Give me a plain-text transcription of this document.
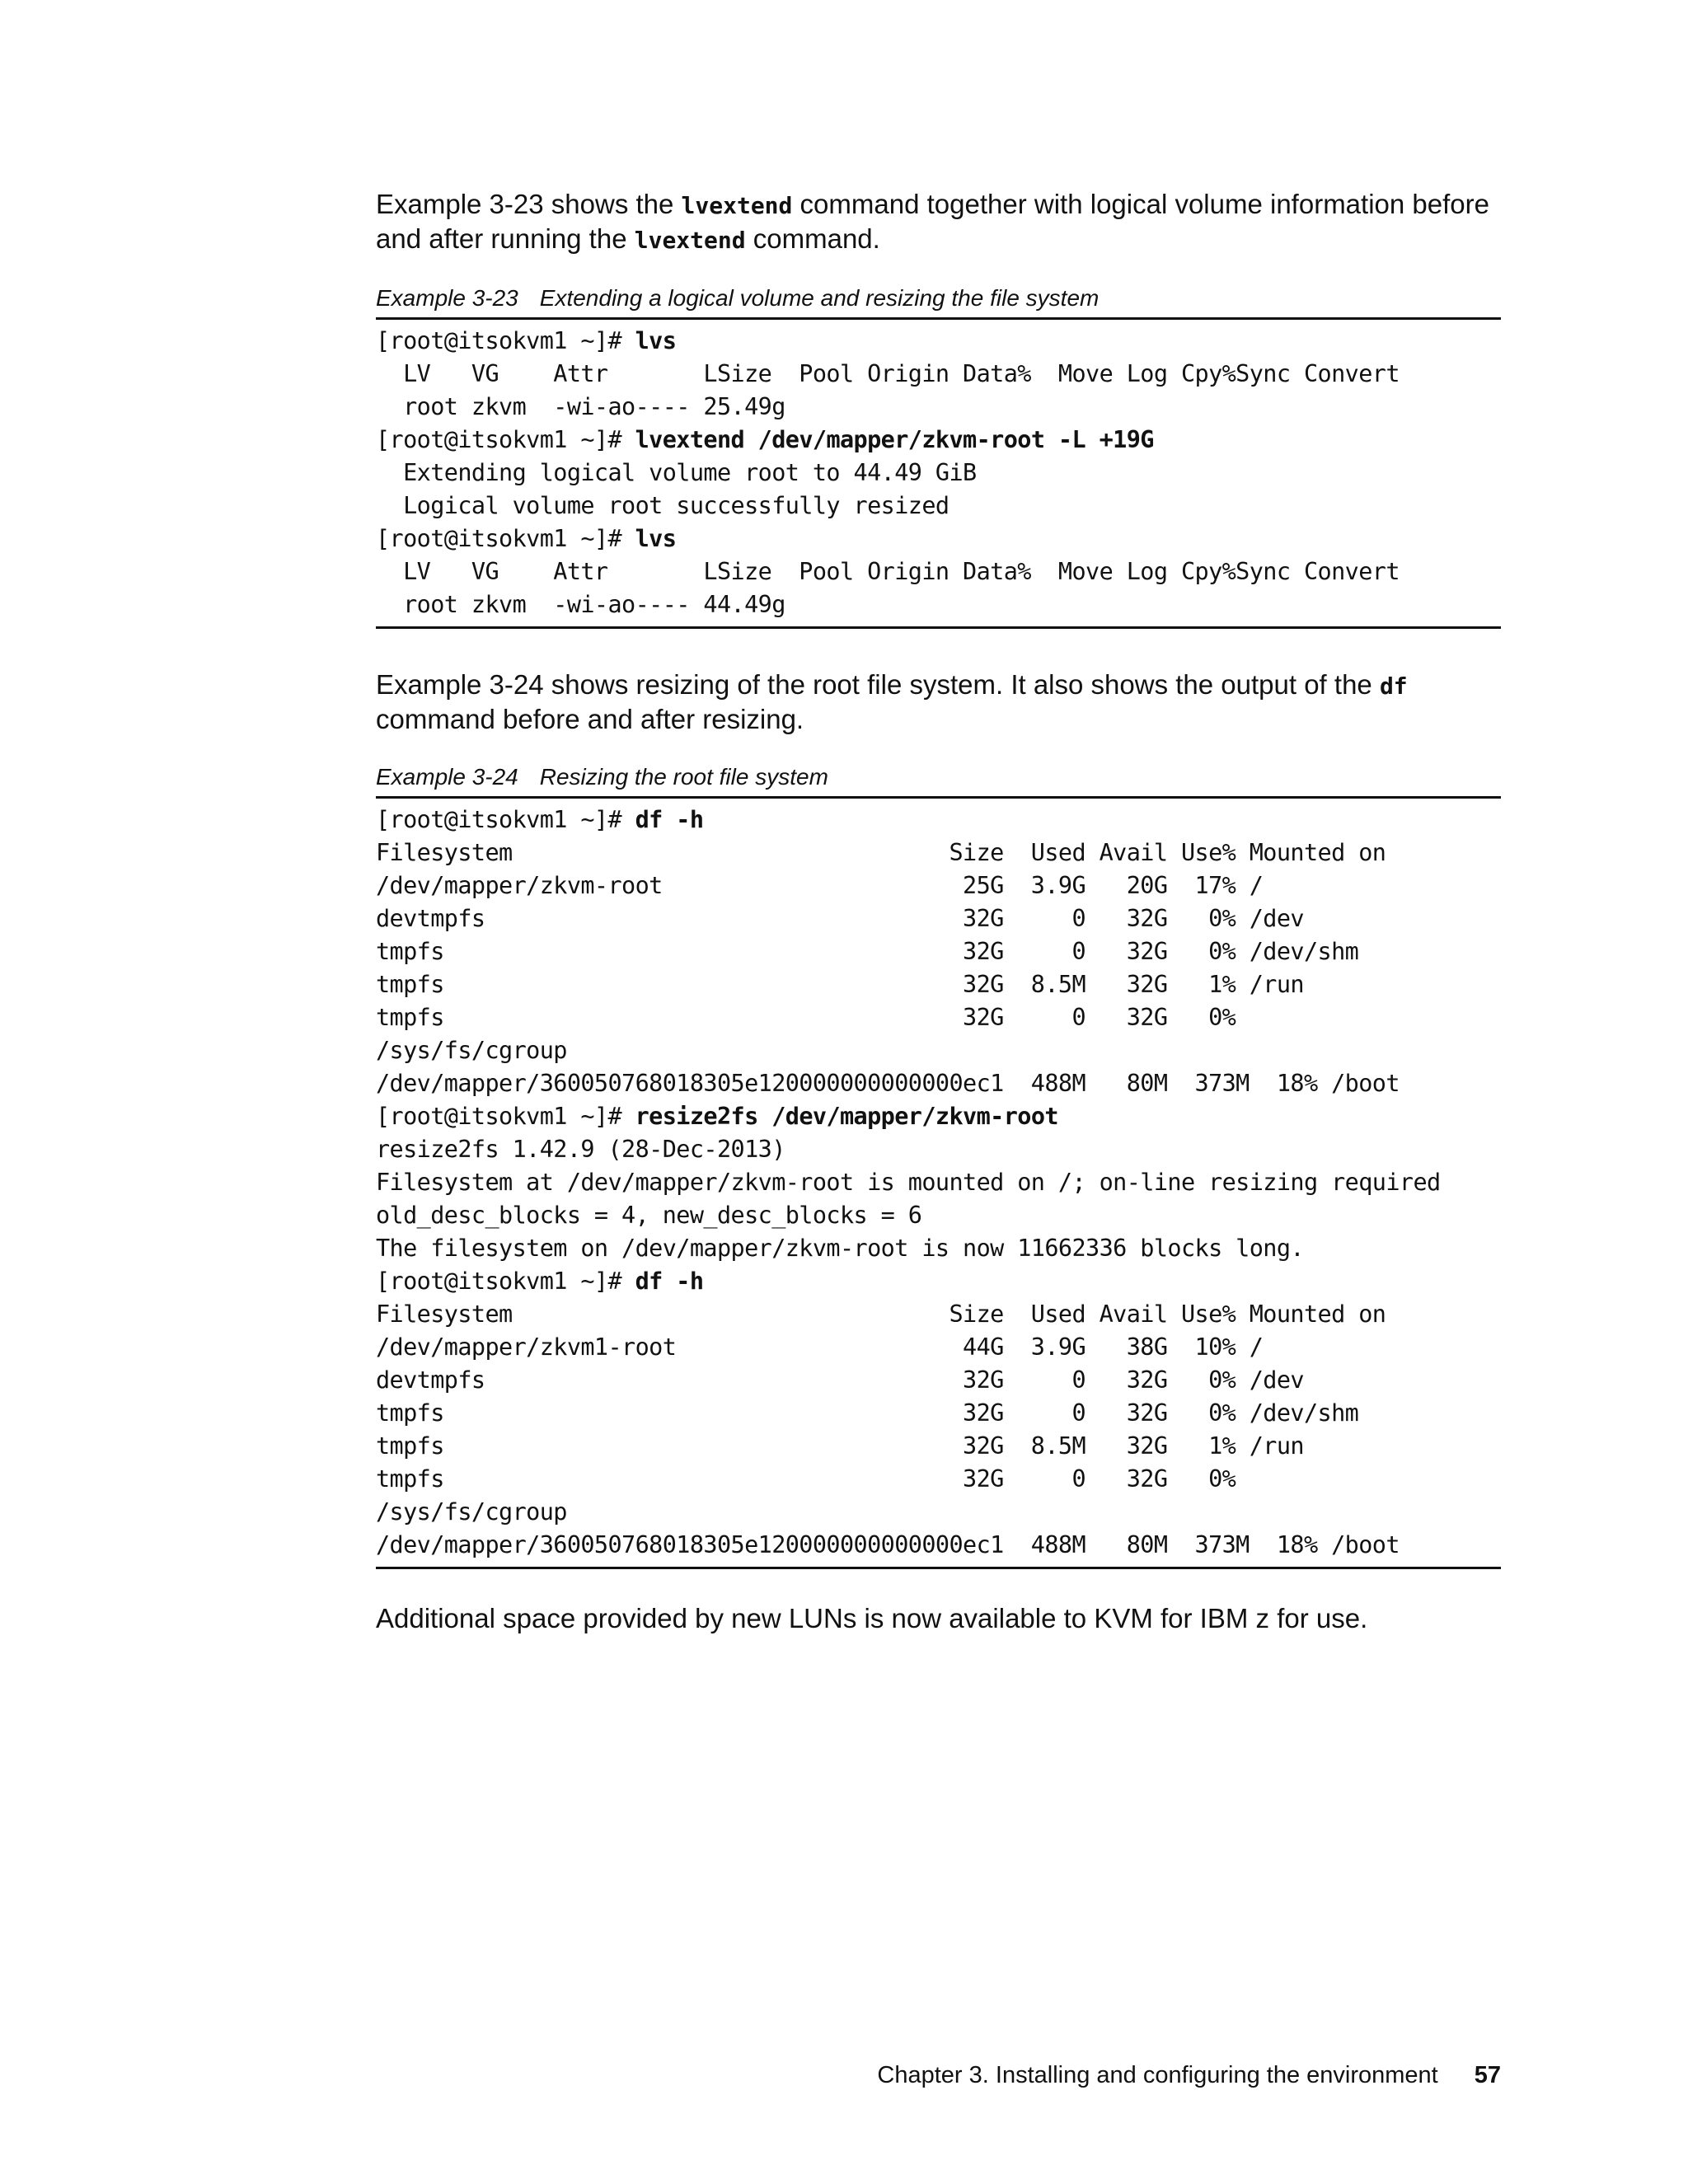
Example 3-23 shows the lvextend command together with logical volume information before and after running the lvextend command.

Example 3-23 Extending a logical volume and resizing the file system

[root@itsokvm1 ~]# lvs
LV   VG    Attr       LSize  Pool Origin Data%  Move Log Cpy%Sync Convert
root zkvm  -wi-ao---- 25.49g
[root@itsokvm1 ~]# lvextend /dev/mapper/zkvm-root -L +19G
Extending logical volume root to 44.49 GiB
Logical volume root successfully resized
[root@itsokvm1 ~]# lvs
LV   VG    Attr       LSize  Pool Origin Data%  Move Log Cpy%Sync Convert
root zkvm  -wi-ao---- 44.49g

Example 3-24 shows resizing of the root file system. It also shows the output of the df command before and after resizing.

Example 3-24 Resizing the root file system

[root@itsokvm1 ~]# df -h
Filesystem                                Size  Used Avail Use% Mounted on
/dev/mapper/zkvm-root                      25G  3.9G   20G  17% /
devtmpfs                                   32G     0   32G   0% /dev
tmpfs                                      32G     0   32G   0% /dev/shm
tmpfs                                      32G  8.5M   32G   1% /run
tmpfs                                      32G     0   32G   0%
/sys/fs/cgroup
/dev/mapper/360050768018305e120000000000000ec1  488M   80M  373M  18% /boot
[root@itsokvm1 ~]# resize2fs /dev/mapper/zkvm-root
resize2fs 1.42.9 (28-Dec-2013)
Filesystem at /dev/mapper/zkvm-root is mounted on /; on-line resizing required
old_desc_blocks = 4, new_desc_blocks = 6
The filesystem on /dev/mapper/zkvm-root is now 11662336 blocks long.
[root@itsokvm1 ~]# df -h
Filesystem                                Size  Used Avail Use% Mounted on
/dev/mapper/zkvm1-root                     44G  3.9G   38G  10% /
devtmpfs                                   32G     0   32G   0% /dev
tmpfs                                      32G     0   32G   0% /dev/shm
tmpfs                                      32G  8.5M   32G   1% /run
tmpfs                                      32G     0   32G   0%
/sys/fs/cgroup
/dev/mapper/360050768018305e120000000000000ec1  488M   80M  373M  18% /boot

Additional space provided by new LUNs is now available to KVM for IBM z for use.

Chapter 3. Installing and configuring the environment 57
